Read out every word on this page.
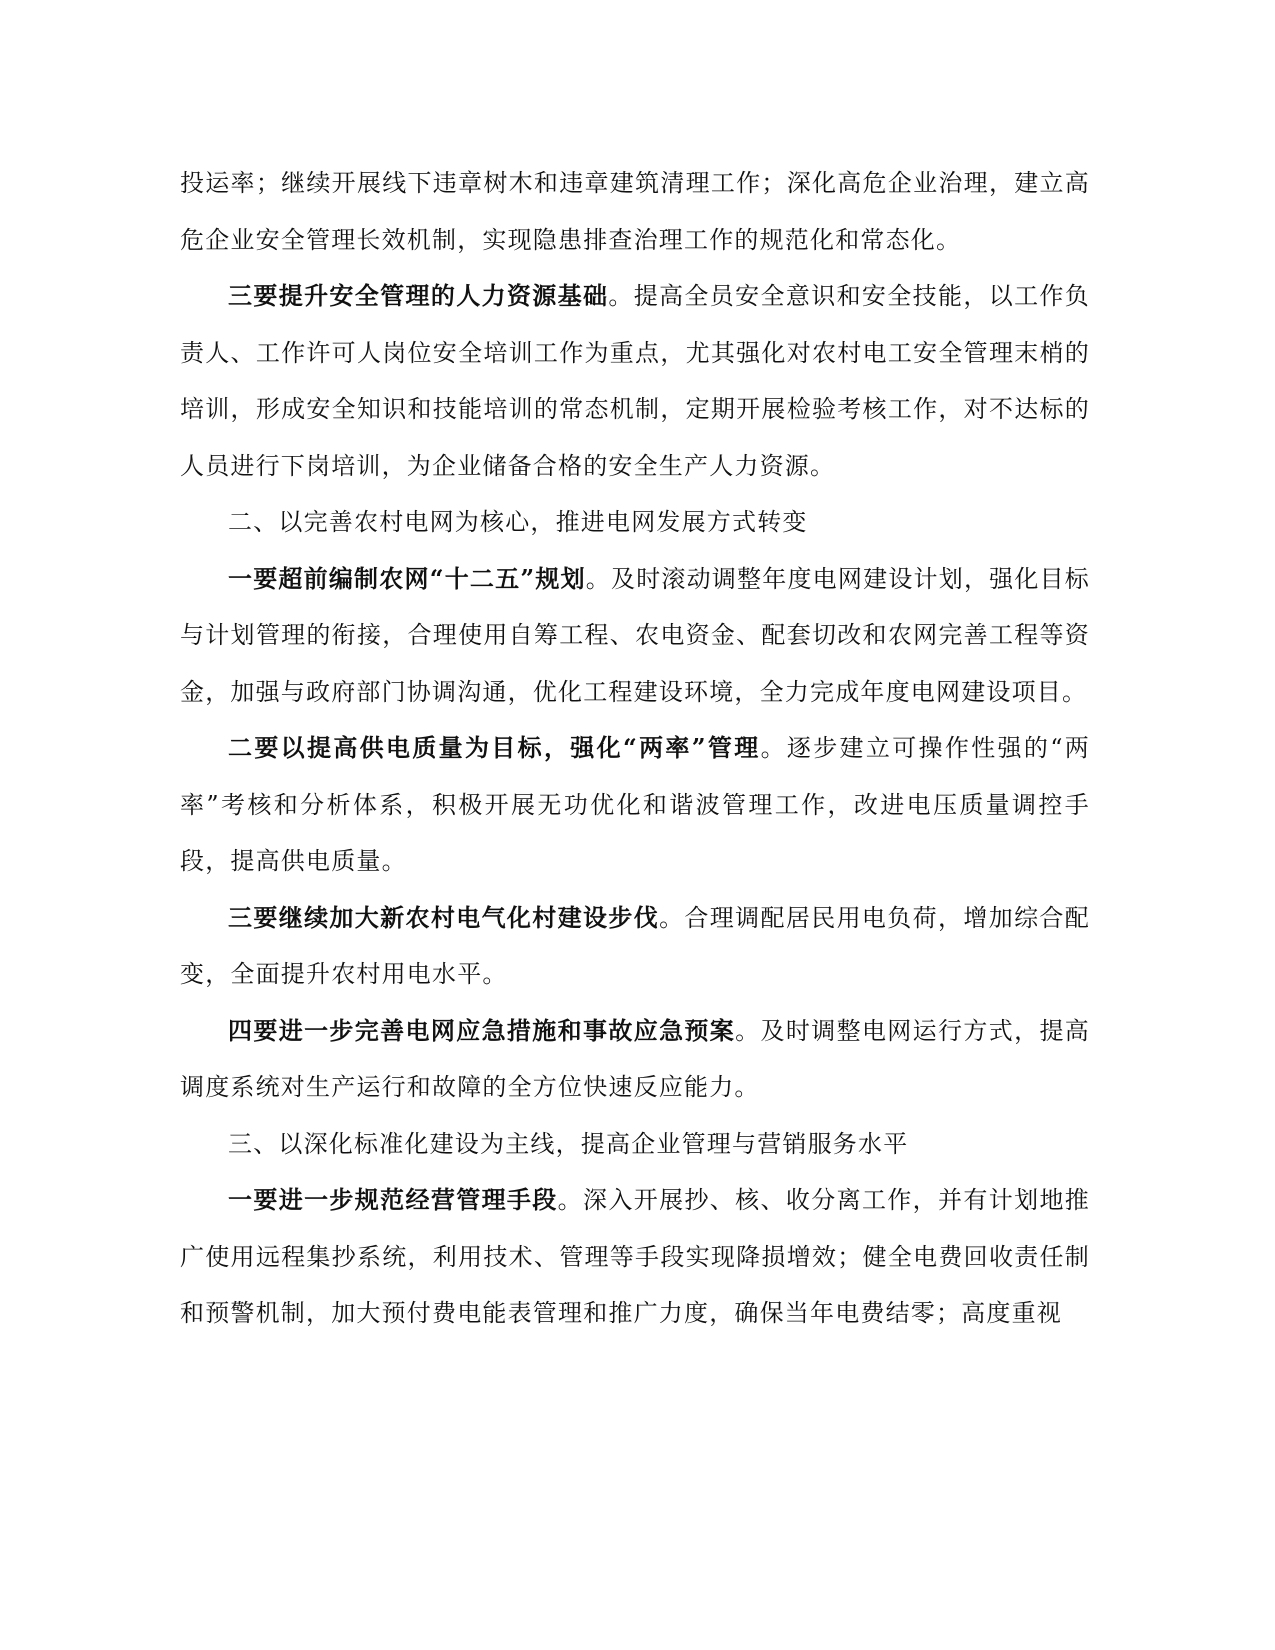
投运率；继续开展线下违章树木和违章建筑清理工作；深化高危企业治理，建立高危企业安全管理长效机制，实现隐患排查治理工作的规范化和常态化。

三要提升安全管理的人力资源基础。提高全员安全意识和安全技能，以工作负责人、工作许可人岗位安全培训工作为重点，尤其强化对农村电工安全管理末梢的培训，形成安全知识和技能培训的常态机制，定期开展检验考核工作，对不达标的人员进行下岗培训，为企业储备合格的安全生产人力资源。

二、以完善农村电网为核心，推进电网发展方式转变

一要超前编制农网“十二五”规划。及时滚动调整年度电网建设计划，强化目标与计划管理的衔接，合理使用自筹工程、农电资金、配套切改和农网完善工程等资金，加强与政府部门协调沟通，优化工程建设环境，全力完成年度电网建设项目。

二要以提高供电质量为目标，强化“两率”管理。逐步建立可操作性强的“两率”考核和分析体系，积极开展无功优化和谐波管理工作，改进电压质量调控手段，提高供电质量。

三要继续加大新农村电气化村建设步伐。合理调配居民用电负荷，增加综合配变，全面提升农村用电水平。

四要进一步完善电网应急措施和事故应急预案。及时调整电网运行方式，提高调度系统对生产运行和故障的全方位快速反应能力。

三、以深化标准化建设为主线，提高企业管理与营销服务水平

一要进一步规范经营管理手段。深入开展抄、核、收分离工作，并有计划地推广使用远程集抄系统，利用技术、管理等手段实现降损增效；健全电费回收责任制和预警机制，加大预付费电能表管理和推广力度，确保当年电费结零；高度重视
